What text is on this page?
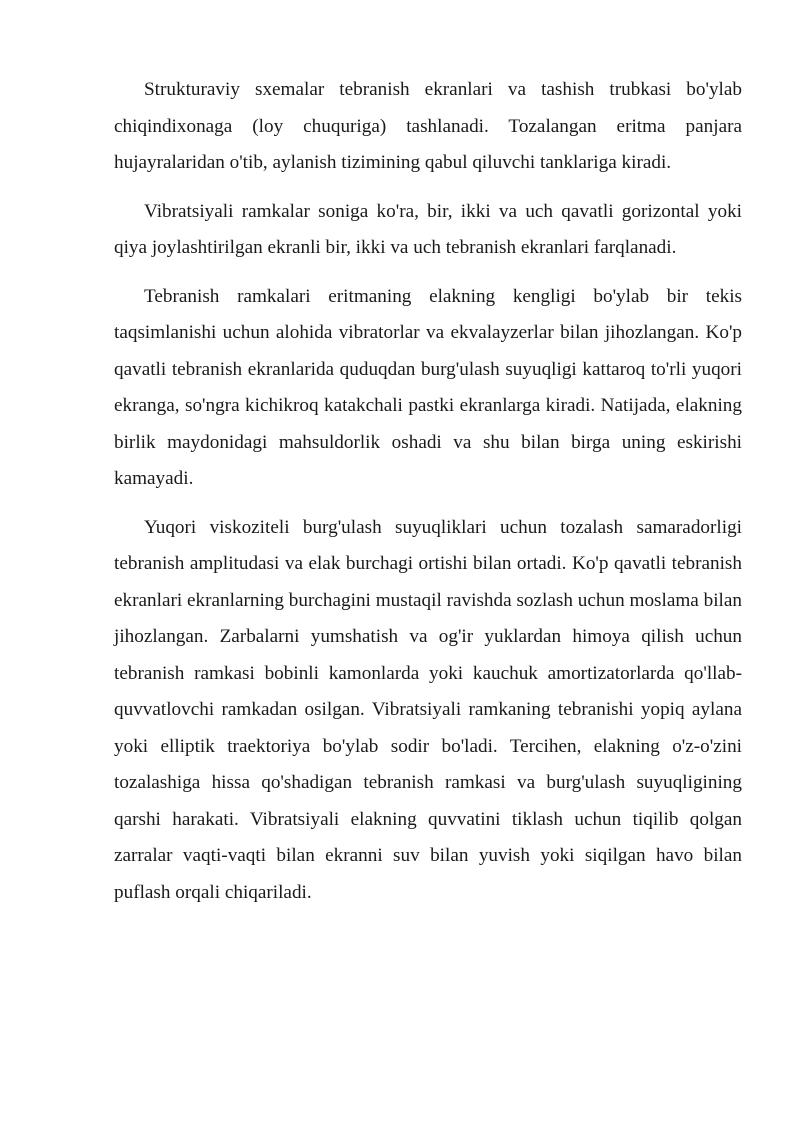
Strukturaviy sxemalar tebranish ekranlari va tashish trubkasi bo'ylab chiqindixonaga (loy chuquriga) tashlanadi. Tozalangan eritma panjara hujayralaridan o'tib, aylanish tizimining qabul qiluvchi tanklariga kiradi.

Vibratsiyali ramkalar soniga ko'ra, bir, ikki va uch qavatli gorizontal yoki qiya joylashtirilgan ekranli bir, ikki va uch tebranish ekranlari farqlanadi.

Tebranish ramkalari eritmaning elakning kengligi bo'ylab bir tekis taqsimlanishi uchun alohida vibratorlar va ekvalayzerlar bilan jihozlangan. Ko'p qavatli tebranish ekranlarida quduqdan burg'ulash suyuqligi kattaroq to'rli yuqori ekranga, so'ngra kichikroq katakchali pastki ekranlarga kiradi. Natijada, elakning birlik maydonidagi mahsuldorlik oshadi va shu bilan birga uning eskirishi kamayadi.

Yuqori viskoziteli burg'ulash suyuqliklari uchun tozalash samaradorligi tebranish amplitudasi va elak burchagi ortishi bilan ortadi. Ko'p qavatli tebranish ekranlari ekranlarning burchagini mustaqil ravishda sozlash uchun moslama bilan jihozlangan. Zarbalarni yumshatish va og'ir yuklardan himoya qilish uchun tebranish ramkasi bobinli kamonlarda yoki kauchuk amortizatorlarda qo'llab-quvvatlovchi ramkadan osilgan. Vibratsiyali ramkaning tebranishi yopiq aylana yoki elliptik traektoriya bo'ylab sodir bo'ladi. Tercihen, elakning o'z-o'zini tozalashiga hissa qo'shadigan tebranish ramkasi va burg'ulash suyuqligining qarshi harakati. Vibratsiyali elakning quvvatini tiklash uchun tiqilib qolgan zarralar vaqti-vaqti bilan ekranni suv bilan yuvish yoki siqilgan havo bilan puflash orqali chiqariladi.
